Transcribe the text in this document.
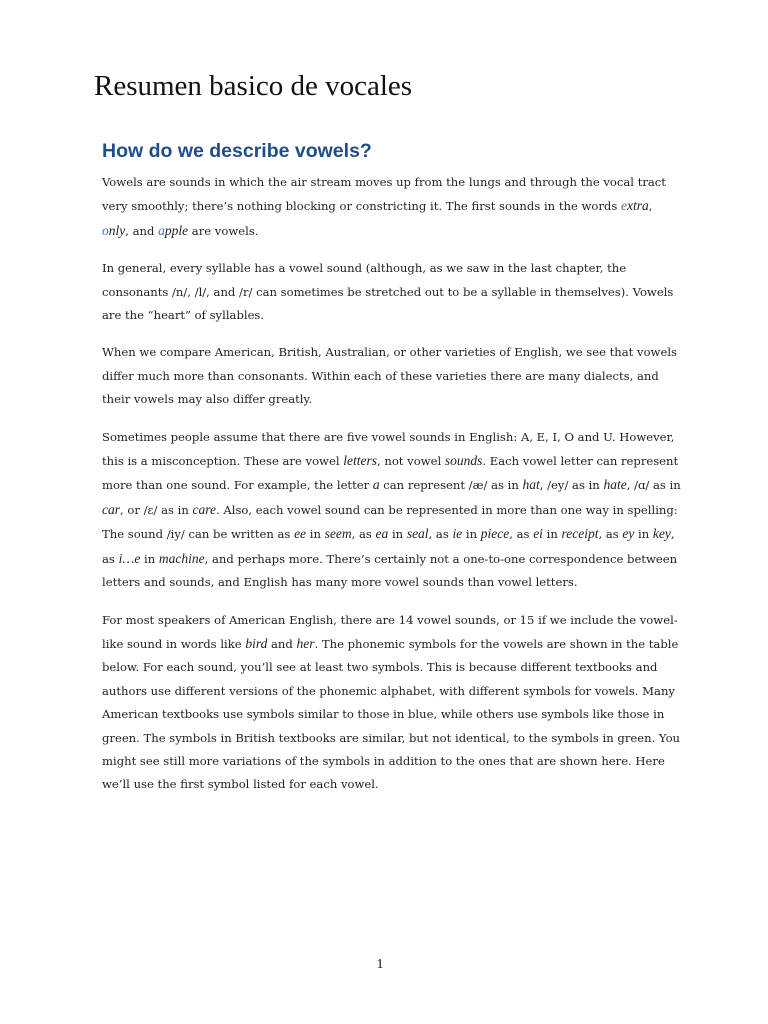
Resumen basico de vocales
How do we describe vowels?

Vowels are sounds in which the air stream moves up from the lungs and through the vocal tract very smoothly; there’s nothing blocking or constricting it. The first sounds in the words extra, only, and apple are vowels.

In general, every syllable has a vowel sound (although, as we saw in the last chapter, the consonants /n/, /l/, and /r/ can sometimes be stretched out to be a syllable in themselves). Vowels are the “heart” of syllables.

When we compare American, British, Australian, or other varieties of English, we see that vowels differ much more than consonants. Within each of these varieties there are many dialects, and their vowels may also differ greatly.

Sometimes people assume that there are five vowel sounds in English: A, E, I, O and U. However, this is a misconception. These are vowel letters, not vowel sounds. Each vowel letter can represent more than one sound. For example, the letter a can represent /æ/ as in hat, /ey/ as in hate, /ɑ/ as in car, or /ɛ/ as in care. Also, each vowel sound can be represented in more than one way in spelling: The sound /iy/ can be written as ee in seem, as ea in seal, as ie in piece, as ei in receipt, as ey in key, as i…e in machine, and perhaps more. There’s certainly not a one-to-one correspondence between letters and sounds, and English has many more vowel sounds than vowel letters.

For most speakers of American English, there are 14 vowel sounds, or 15 if we include the vowel-like sound in words like bird and her. The phonemic symbols for the vowels are shown in the table below. For each sound, you’ll see at least two symbols. This is because different textbooks and authors use different versions of the phonemic alphabet, with different symbols for vowels. Many American textbooks use symbols similar to those in blue, while others use symbols like those in green. The symbols in British textbooks are similar, but not identical, to the symbols in green. You might see still more variations of the symbols in addition to the ones that are shown here. Here we’ll use the first symbol listed for each vowel.

1
